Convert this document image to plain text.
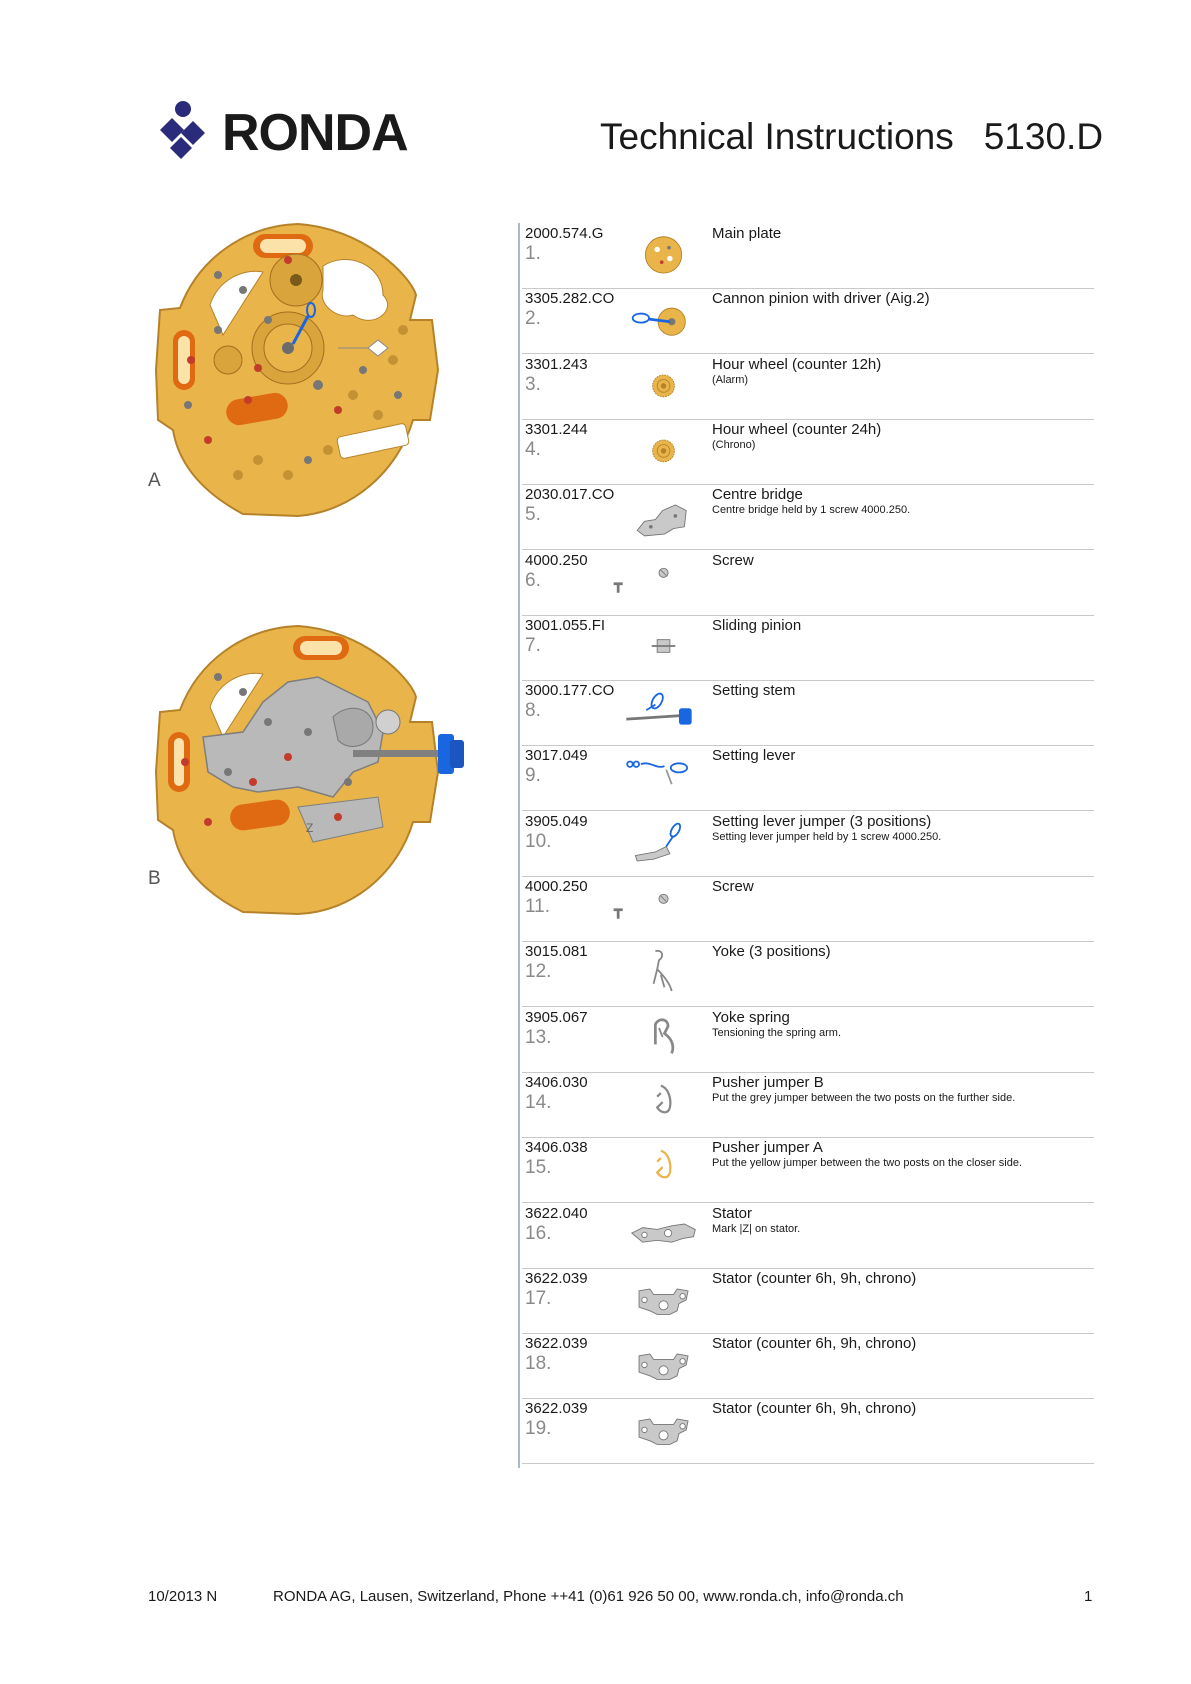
RONDA	Technical Instructions 5130.D
A
Z
B
2000.574.G
1.
Main plate
3305.282.CO
2.
Cannon pinion with driver (Aig.2)
3301.243
3.
Hour wheel (counter 12h)
(Alarm)
3301.244
4.
Hour wheel (counter 24h)
(Chrono)
2030.017.CO
5.
Centre bridge
Centre bridge held by 1 screw 4000.250.
4000.250
6.
Screw
3001.055.FI
7.
Sliding pinion
3000.177.CO
8.
Setting stem
3017.049
9.
Setting lever
3905.049
10.
Setting lever jumper (3 positions)
Setting lever jumper held by 1 screw 4000.250.
4000.250
11.
Screw
3015.081
12.
Yoke (3 positions)
3905.067
13.
Yoke spring
Tensioning the spring arm.
3406.030
14.
Pusher jumper B
Put the grey jumper between the two posts on the further side.
3406.038
15.
Pusher jumper A
Put the yellow jumper between the two posts on the closer side.
3622.040
16.
Stator
Mark |Z| on stator.
3622.039
17.
Stator (counter 6h, 9h, chrono)
3622.039
18.
Stator (counter 6h, 9h, chrono)
3622.039
19.
Stator (counter 6h, 9h, chrono)
10/2013 N	RONDA AG, Lausen, Switzerland, Phone ++41 (0)61 926 50 00, www.ronda.ch, info@ronda.ch	1
